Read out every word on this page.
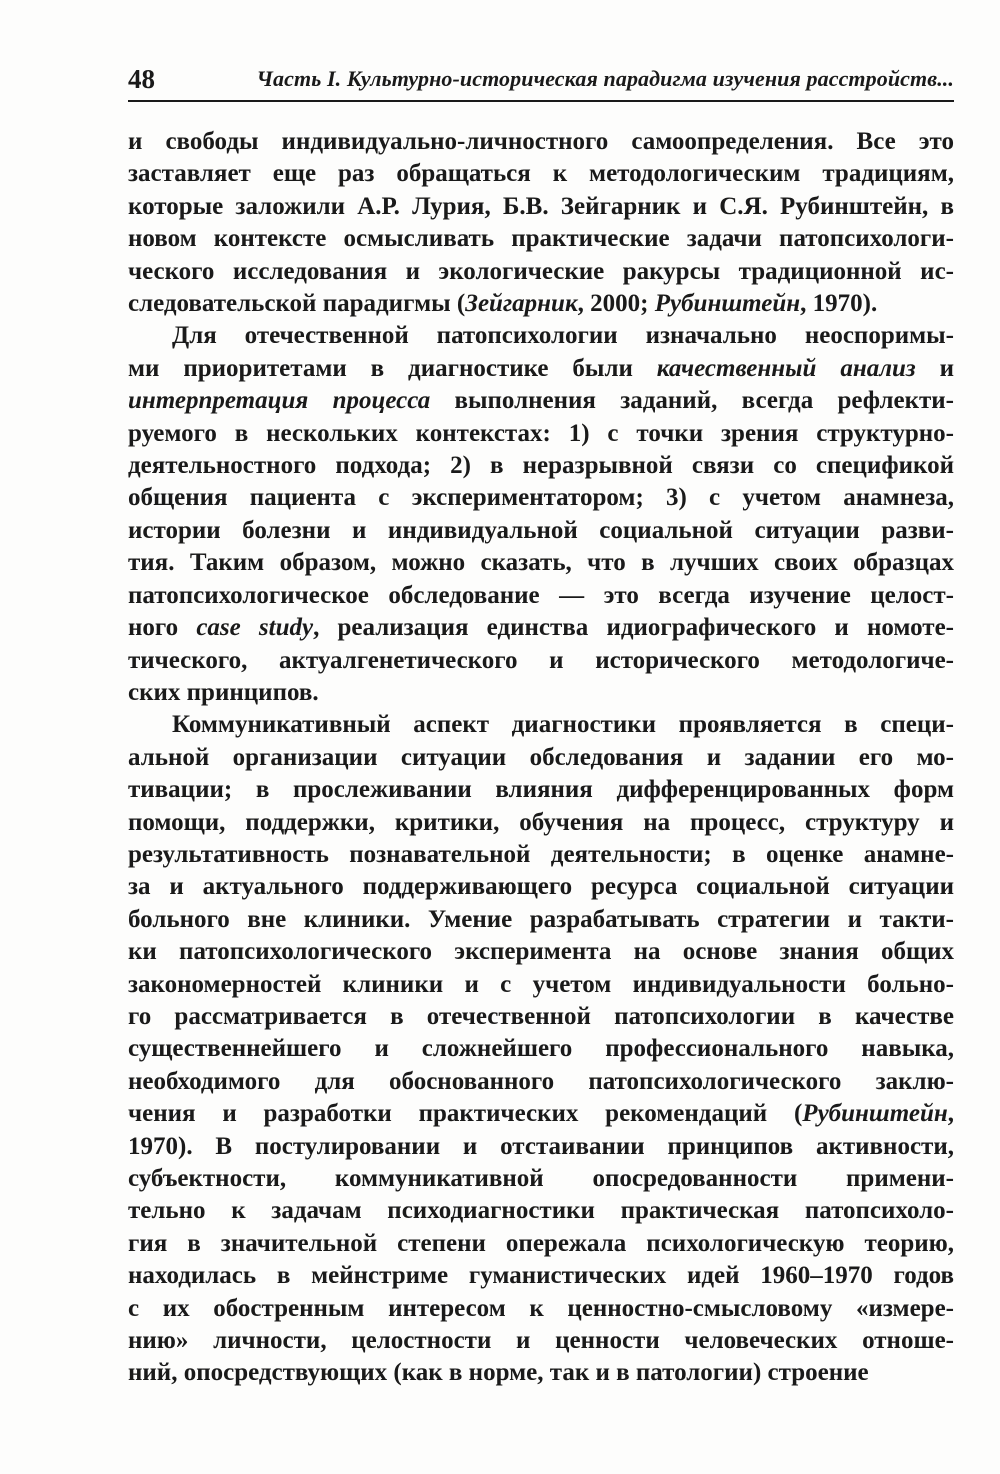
48	Часть I. Культурно-историческая парадигма изучения расстройств...

и свободы индивидуально-личностного самоопределения. Все это
заставляет еще раз обращаться к методологическим традициям,
которые заложили А.Р. Лурия, Б.В. Зейгарник и С.Я. Рубинштейн, в
новом контексте осмысливать практические задачи патопсихологи-
ческого исследования и экологические ракурсы традиционной ис-
следовательской парадигмы (Зейгарник, 2000; Рубинштейн, 1970).

Для отечественной патопсихологии изначально неоспоримы-
ми приоритетами в диагностике были качественный анализ и
интерпретация процесса выполнения заданий, всегда рефлекти-
руемого в нескольких контекстах: 1) с точки зрения структурно-
деятельностного подхода; 2) в неразрывной связи со спецификой
общения пациента с экспериментатором; 3) с учетом анамнеза,
истории болезни и индивидуальной социальной ситуации разви-
тия. Таким образом, можно сказать, что в лучших своих образцах
патопсихологическое обследование — это всегда изучение целост-
ного case study, реализация единства идиографического и номоте-
тического, актуалгенетического и исторического методологиче-
ских принципов.

Коммуникативный аспект диагностики проявляется в специ-
альной организации ситуации обследования и задании его мо-
тивации; в прослеживании влияния дифференцированных форм
помощи, поддержки, критики, обучения на процесс, структуру и
результативность познавательной деятельности; в оценке анамне-
за и актуального поддерживающего ресурса социальной ситуации
больного вне клиники. Умение разрабатывать стратегии и такти-
ки патопсихологического эксперимента на основе знания общих
закономерностей клиники и с учетом индивидуальности больно-
го рассматривается в отечественной патопсихологии в качестве
существеннейшего и сложнейшего профессионального навыка,
необходимого для обоснованного патопсихологического заклю-
чения и разработки практических рекомендаций (Рубинштейн,
1970). В постулировании и отстаивании принципов активности,
субъектности, коммуникативной опосредованности примени-
тельно к задачам психодиагностики практическая патопсихоло-
гия в значительной степени опережала психологическую теорию,
находилась в мейнстриме гуманистических идей 1960–1970 годов
с их обостренным интересом к ценностно-смысловому «измере-
нию» личности, целостности и ценности человеческих отноше-
ний, опосредствующих (как в норме, так и в патологии) строение
